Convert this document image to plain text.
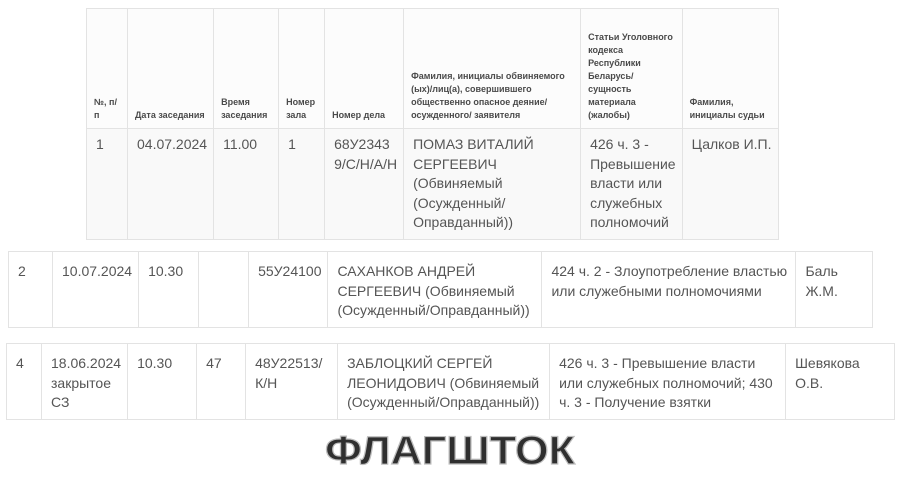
№, п/п	Дата заседания	Время заседания	Номер зала	Номер дела	Фамилия, инициалы обвиняемого (ых)/лиц(а), совершившего общественно опасное деяние/осужденного/ заявителя	Статьи Уголовного кодекса Республики Беларусь/ сущность материала (жалобы)	Фамилия, инициалы судьи
1	04.07.2024	11.00	1	68У23439/С/Н/А/Н	ПОМАЗ ВИТАЛИЙ СЕРГЕЕВИЧ (Обвиняемый (Осужденный/ Оправданный))	426 ч. 3 - Превышение власти или служебных полномочий	Цалков И.П.
2	10.07.2024	10.30		55У24100	САХАНКОВ АНДРЕЙ СЕРГЕЕВИЧ (Обвиняемый (Осужденный/Оправданный))	424 ч. 2 - Злоупотребление властью или служебными полномочиями	Баль Ж.М.
4	18.06.2024 закрытое СЗ	10.30	47	48У22513/К/Н	ЗАБЛОЦКИЙ СЕРГЕЙ ЛЕОНИДОВИЧ (Обвиняемый (Осужденный/Оправданный))	426 ч. 3 - Превышение власти или служебных полномочий; 430 ч. 3 - Получение взятки	Шевякова О.В.
ФЛАГШТОК
